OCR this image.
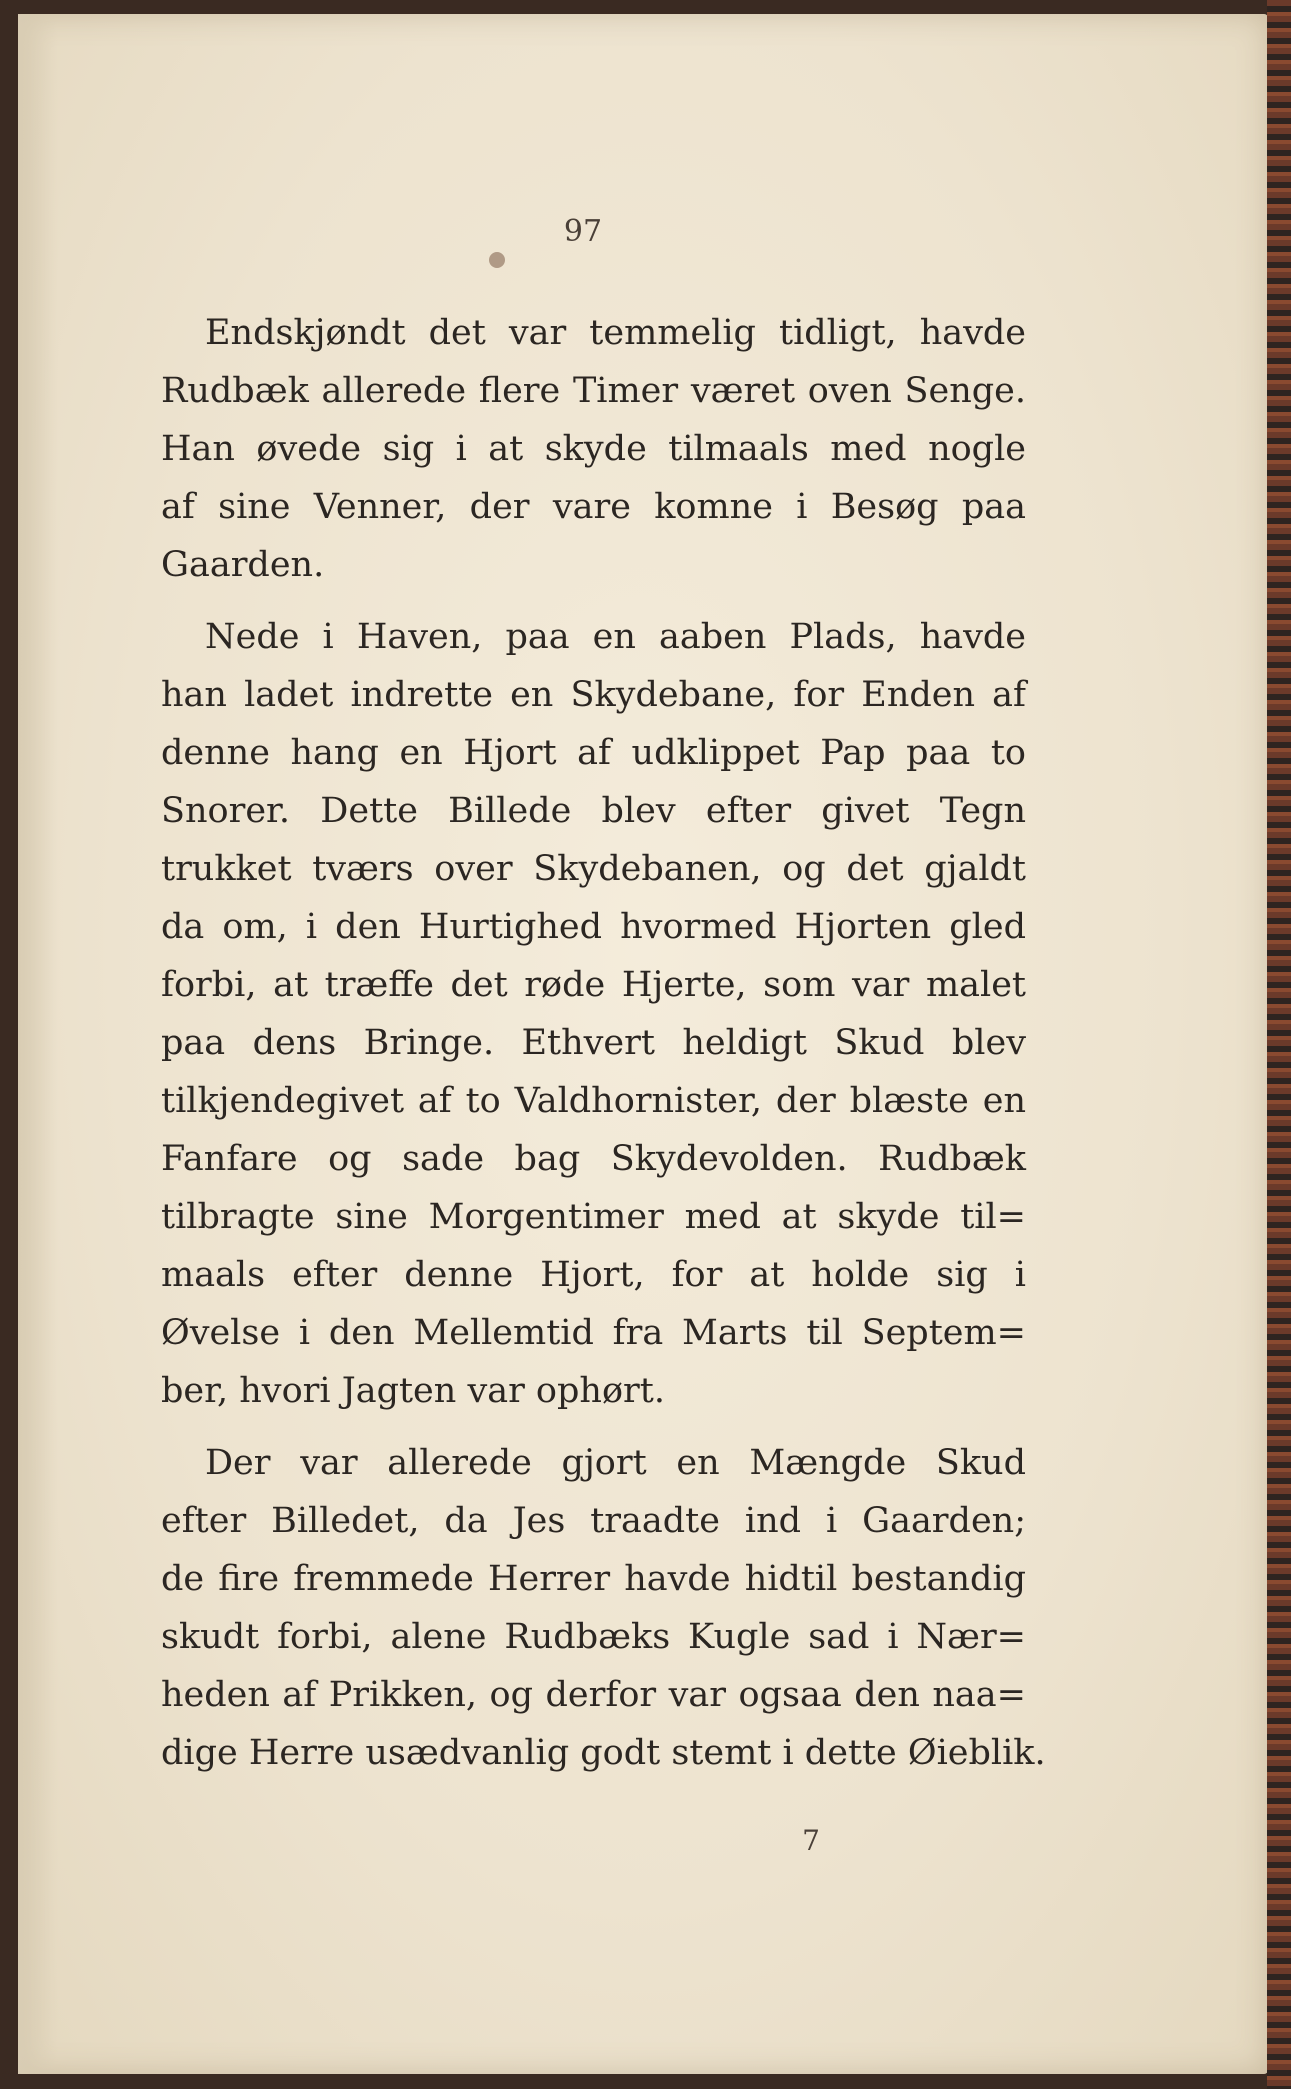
97
Endskjøndt det var temmelig tidligt, havde
Rudbæk allerede flere Timer været oven Senge.
Han øvede sig i at skyde tilmaals med nogle
af sine Venner, der vare komne i Besøg paa
Gaarden.
Nede i Haven, paa en aaben Plads, havde
han ladet indrette en Skydebane, for Enden af
denne hang en Hjort af udklippet Pap paa to
Snorer. Dette Billede blev efter givet Tegn
trukket tværs over Skydebanen, og det gjaldt
da om, i den Hurtighed hvormed Hjorten gled
forbi, at træffe det røde Hjerte, som var malet
paa dens Bringe. Ethvert heldigt Skud blev
tilkjendegivet af to Valdhornister, der blæste en
Fanfare og sade bag Skydevolden. Rudbæk
tilbragte sine Morgentimer med at skyde til=
maals efter denne Hjort, for at holde sig i
Øvelse i den Mellemtid fra Marts til Septem=
ber, hvori Jagten var ophørt.
Der var allerede gjort en Mængde Skud
efter Billedet, da Jes traadte ind i Gaarden;
de fire fremmede Herrer havde hidtil bestandig
skudt forbi, alene Rudbæks Kugle sad i Nær=
heden af Prikken, og derfor var ogsaa den naa=
dige Herre usædvanlig godt stemt i dette Øieblik.
7
